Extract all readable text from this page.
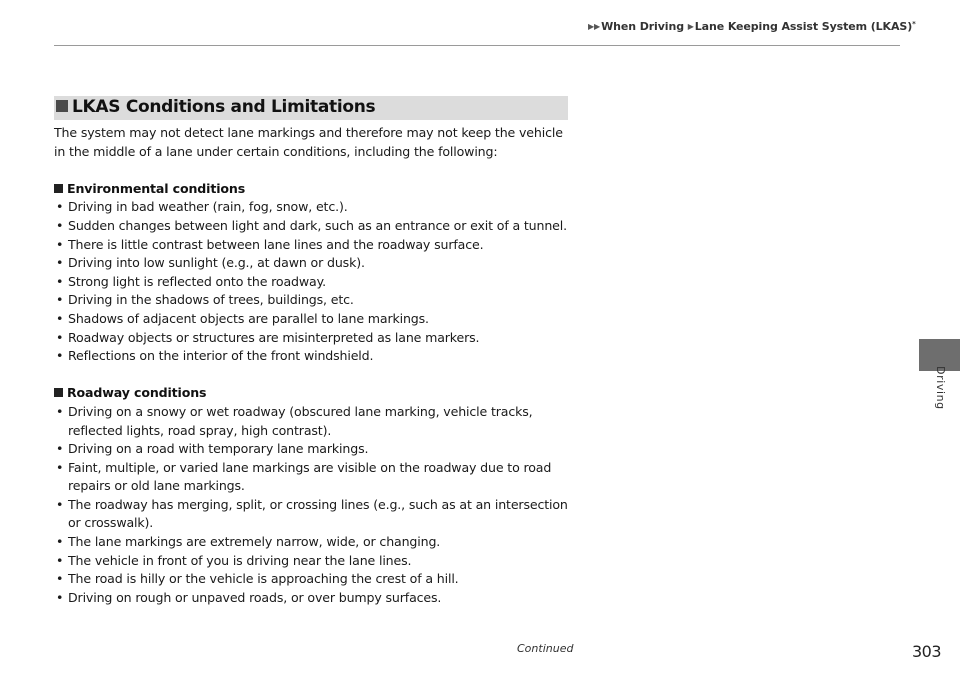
▶▶When Driving ▶Lane Keeping Assist System (LKAS)*
Driving
LKAS Conditions and Limitations

The system may not detect lane markings and therefore may not keep the vehicle in the middle of a lane under certain conditions, including the following:

Environmental conditions
• Driving in bad weather (rain, fog, snow, etc.).
• Sudden changes between light and dark, such as an entrance or exit of a tunnel.
• There is little contrast between lane lines and the roadway surface.
• Driving into low sunlight (e.g., at dawn or dusk).
• Strong light is reflected onto the roadway.
• Driving in the shadows of trees, buildings, etc.
• Shadows of adjacent objects are parallel to lane markings.
• Roadway objects or structures are misinterpreted as lane markers.
• Reflections on the interior of the front windshield.
Roadway conditions
• Driving on a snowy or wet roadway (obscured lane marking, vehicle tracks, reflected lights, road spray, high contrast).
• Driving on a road with temporary lane markings.
• Faint, multiple, or varied lane markings are visible on the roadway due to road repairs or old lane markings.
• The roadway has merging, split, or crossing lines (e.g., such as at an intersection or crosswalk).
• The lane markings are extremely narrow, wide, or changing.
• The vehicle in front of you is driving near the lane lines.
• The road is hilly or the vehicle is approaching the crest of a hill.
• Driving on rough or unpaved roads, or over bumpy surfaces.
Continued	303
